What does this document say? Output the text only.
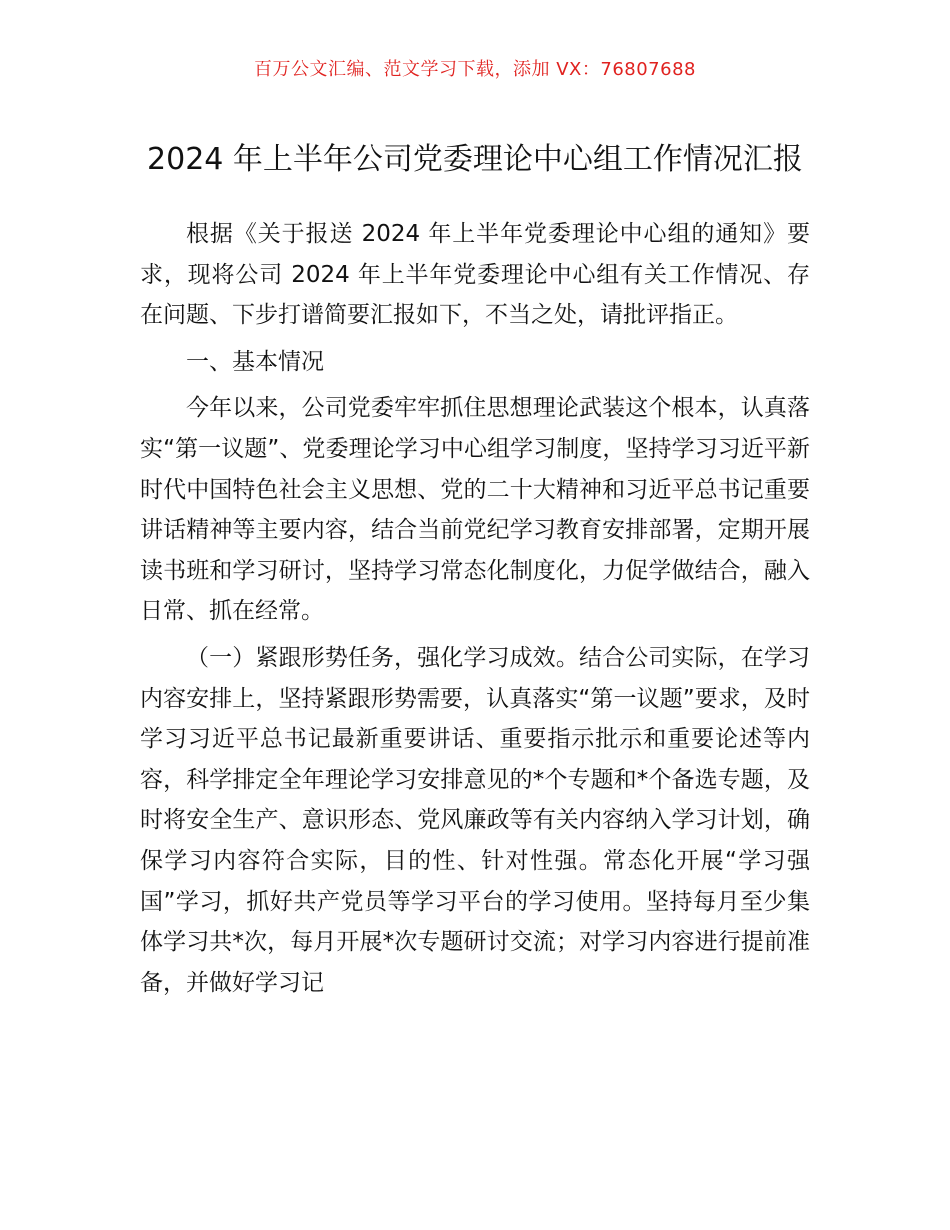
百万公文汇编、范文学习下载，添加 VX：76807688
2024 年上半年公司党委理论中心组工作情况汇报

根据《关于报送 2024 年上半年党委理论中心组的通知》要求，现将公司 2024 年上半年党委理论中心组有关工作情况、存在问题、下步打谱简要汇报如下，不当之处，请批评指正。

一、基本情况

今年以来，公司党委牢牢抓住思想理论武装这个根本，认真落实“第一议题”、党委理论学习中心组学习制度，坚持学习习近平新时代中国特色社会主义思想、党的二十大精神和习近平总书记重要讲话精神等主要内容，结合当前党纪学习教育安排部署，定期开展读书班和学习研讨，坚持学习常态化制度化，力促学做结合，融入日常、抓在经常。

（一）紧跟形势任务，强化学习成效。结合公司实际，在学习内容安排上，坚持紧跟形势需要，认真落实“第一议题”要求，及时学习习近平总书记最新重要讲话、重要指示批示和重要论述等内容，科学排定全年理论学习安排意见的*个专题和*个备选专题，及时将安全生产、意识形态、党风廉政等有关内容纳入学习计划，确保学习内容符合实际，目的性、针对性强。常态化开展“学习强国”学习，抓好共产党员等学习平台的学习使用。坚持每月至少集体学习共*次，每月开展*次专题研讨交流；对学习内容进行提前准备，并做好学习记
